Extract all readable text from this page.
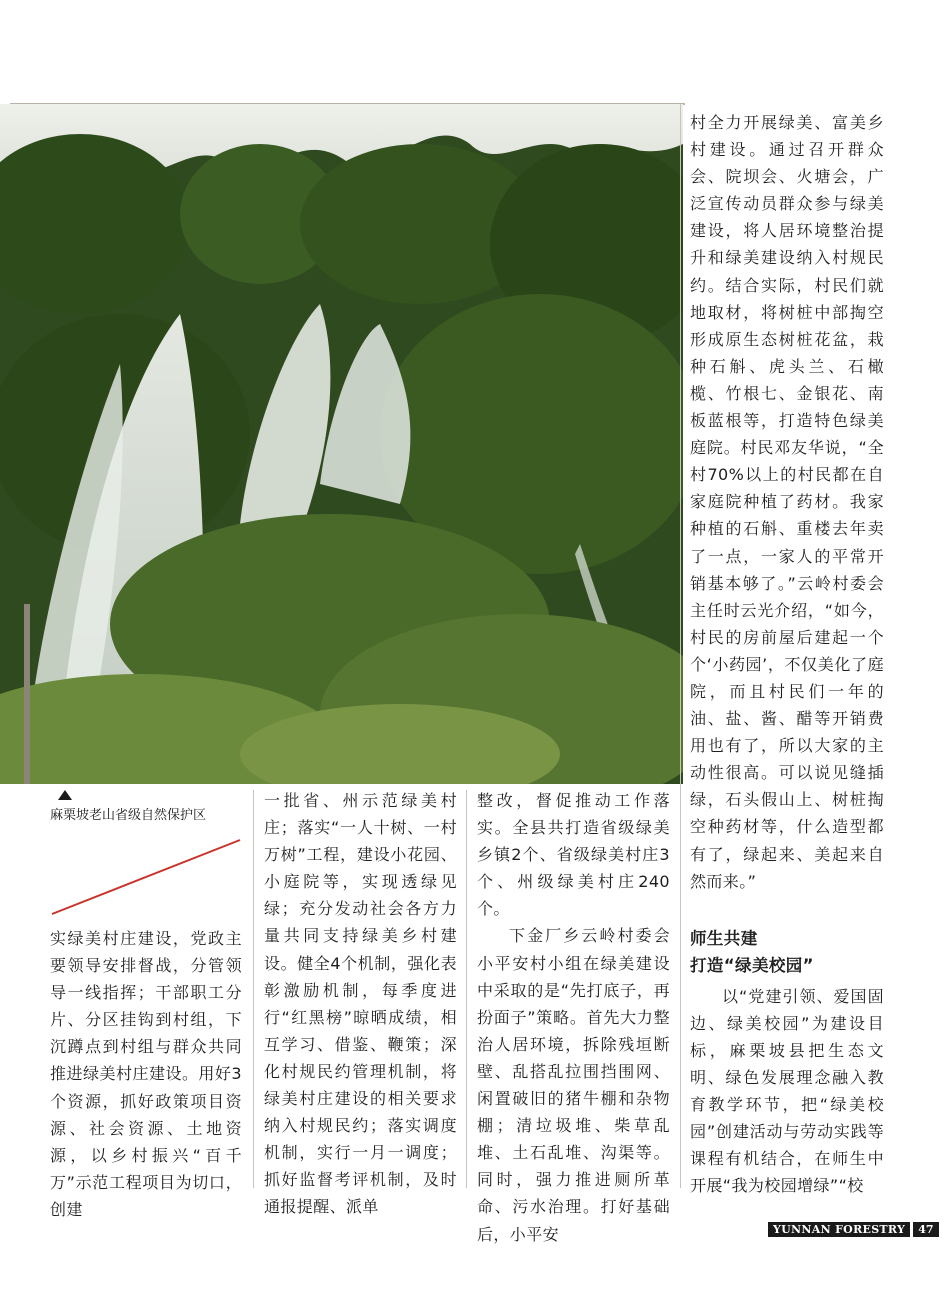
麻栗坡老山省级自然保护区

实绿美村庄建设，党政主要领导安排督战，分管领导一线指挥；干部职工分片、分区挂钩到村组，下沉蹲点到村组与群众共同推进绿美村庄建设。用好3个资源，抓好政策项目资源、社会资源、土地资源，以乡村振兴“百千万”示范工程项目为切口，创建

一批省、州示范绿美村庄；落实“一人十树、一村万树”工程，建设小花园、小庭院等，实现透绿见绿；充分发动社会各方力量共同支持绿美乡村建设。健全4个机制，强化表彰激励机制，每季度进行“红黑榜”晾晒成绩，相互学习、借鉴、鞭策；深化村规民约管理机制，将绿美村庄建设的相关要求纳入村规民约；落实调度机制，实行一月一调度；抓好监督考评机制，及时通报提醒、派单

整改，督促推动工作落实。全县共打造省级绿美乡镇2个、省级绿美村庄3个、州级绿美村庄240个。

下金厂乡云岭村委会小平安村小组在绿美建设中采取的是“先打底子，再扮面子”策略。首先大力整治人居环境，拆除残垣断壁、乱搭乱拉围挡围网、闲置破旧的猪牛棚和杂物棚；清垃圾堆、柴草乱堆、土石乱堆、沟渠等。同时，强力推进厕所革命、污水治理。打好基础后，小平安

村全力开展绿美、富美乡村建设。通过召开群众会、院坝会、火塘会，广泛宣传动员群众参与绿美建设，将人居环境整治提升和绿美建设纳入村规民约。结合实际，村民们就地取材，将树桩中部掏空形成原生态树桩花盆，栽种石斛、虎头兰、石橄榄、竹根七、金银花、南板蓝根等，打造特色绿美庭院。村民邓友华说，“全村70%以上的村民都在自家庭院种植了药材。我家种植的石斛、重楼去年卖了一点，一家人的平常开销基本够了。”云岭村委会主任时云光介绍，“如今，村民的房前屋后建起一个个‘小药园’，不仅美化了庭院，而且村民们一年的油、盐、酱、醋等开销费用也有了，所以大家的主动性很高。可以说见缝插绿，石头假山上、树桩掏空种药材等，什么造型都有了，绿起来、美起来自然而来。”

师生共建

打造“绿美校园”

以“党建引领、爱国固边、绿美校园”为建设目标，麻栗坡县把生态文明、绿色发展理念融入教育教学环节，把“绿美校园”创建活动与劳动实践等课程有机结合，在师生中开展“我为校园增绿”“校

YUNNAN FORESTRY	47
